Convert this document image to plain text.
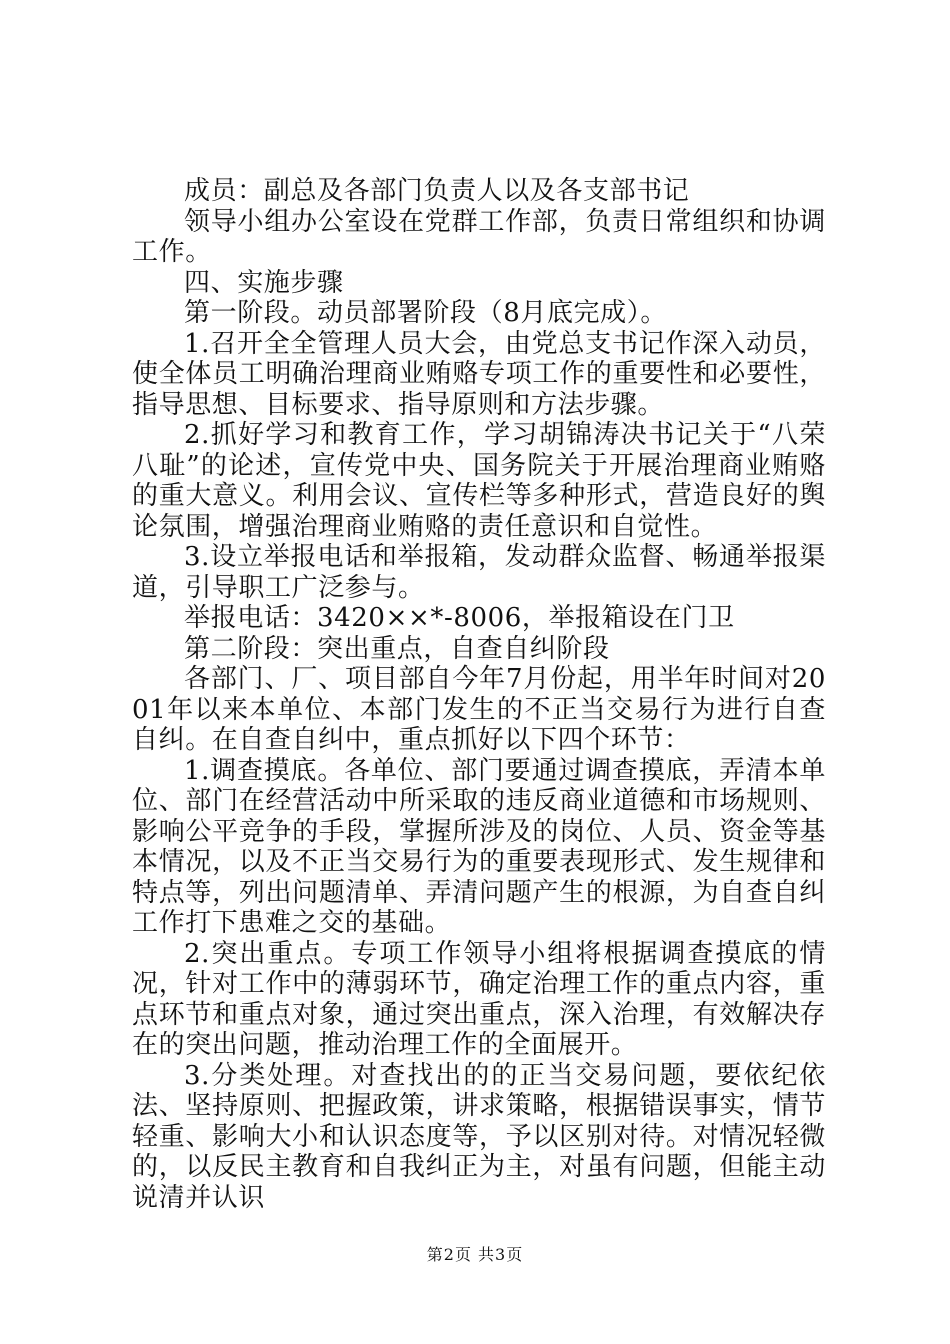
成员：副总及各部门负责人以及各支部书记

领导小组办公室设在党群工作部，负责日常组织和协调工作。

四、实施步骤

第一阶段。动员部署阶段（8月底完成）。

1.召开全全管理人员大会，由党总支书记作深入动员，使全体员工明确治理商业贿赂专项工作的重要性和必要性，指导思想、目标要求、指导原则和方法步骤。

2.抓好学习和教育工作，学习胡锦涛决书记关于“八荣八耻”的论述，宣传党中央、国务院关于开展治理商业贿赂的重大意义。利用会议、宣传栏等多种形式，营造良好的舆论氛围，增强治理商业贿赂的责任意识和自觉性。

3.设立举报电话和举报箱，发动群众监督、畅通举报渠道，引导职工广泛参与。

举报电话：3420××*-8006，举报箱设在门卫

第二阶段：突出重点，自查自纠阶段

各部门、厂、项目部自今年7月份起，用半年时间对2001年以来本单位、本部门发生的不正当交易行为进行自查自纠。在自查自纠中，重点抓好以下四个环节：

1.调查摸底。各单位、部门要通过调查摸底，弄清本单位、部门在经营活动中所采取的违反商业道德和市场规则、影响公平竞争的手段，掌握所涉及的岗位、人员、资金等基本情况，以及不正当交易行为的重要表现形式、发生规律和特点等，列出问题清单、弄清问题产生的根源，为自查自纠工作打下患难之交的基础。

2.突出重点。专项工作领导小组将根据调查摸底的情况，针对工作中的薄弱环节，确定治理工作的重点内容，重点环节和重点对象，通过突出重点，深入治理，有效解决存在的突出问题，推动治理工作的全面展开。

3.分类处理。对查找出的的正当交易问题，要依纪依法、坚持原则、把握政策，讲求策略，根据错误事实，情节轻重、影响大小和认识态度等，予以区别对待。对情况轻微的，以反民主教育和自我纠正为主，对虽有问题，但能主动说清并认识

第2页 共3页
